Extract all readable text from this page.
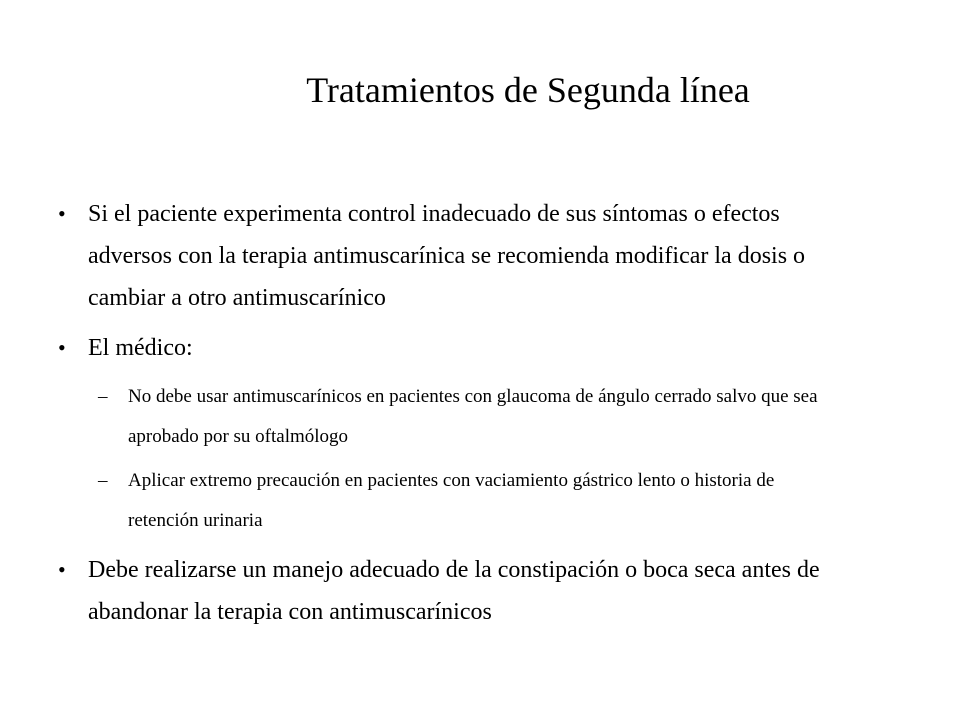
Tratamientos de Segunda línea
• Si el paciente experimenta control inadecuado de sus síntomas o efectos adversos con la terapia antimuscarínica se recomienda modificar la dosis o cambiar a otro antimuscarínico
• El médico:
– No debe usar antimuscarínicos en pacientes con glaucoma de ángulo cerrado salvo que sea aprobado por su oftalmólogo
– Aplicar extremo precaución en pacientes con vaciamiento gástrico lento o historia de retención urinaria
• Debe realizarse un manejo adecuado de la constipación o boca seca antes de abandonar la terapia con antimuscarínicos
